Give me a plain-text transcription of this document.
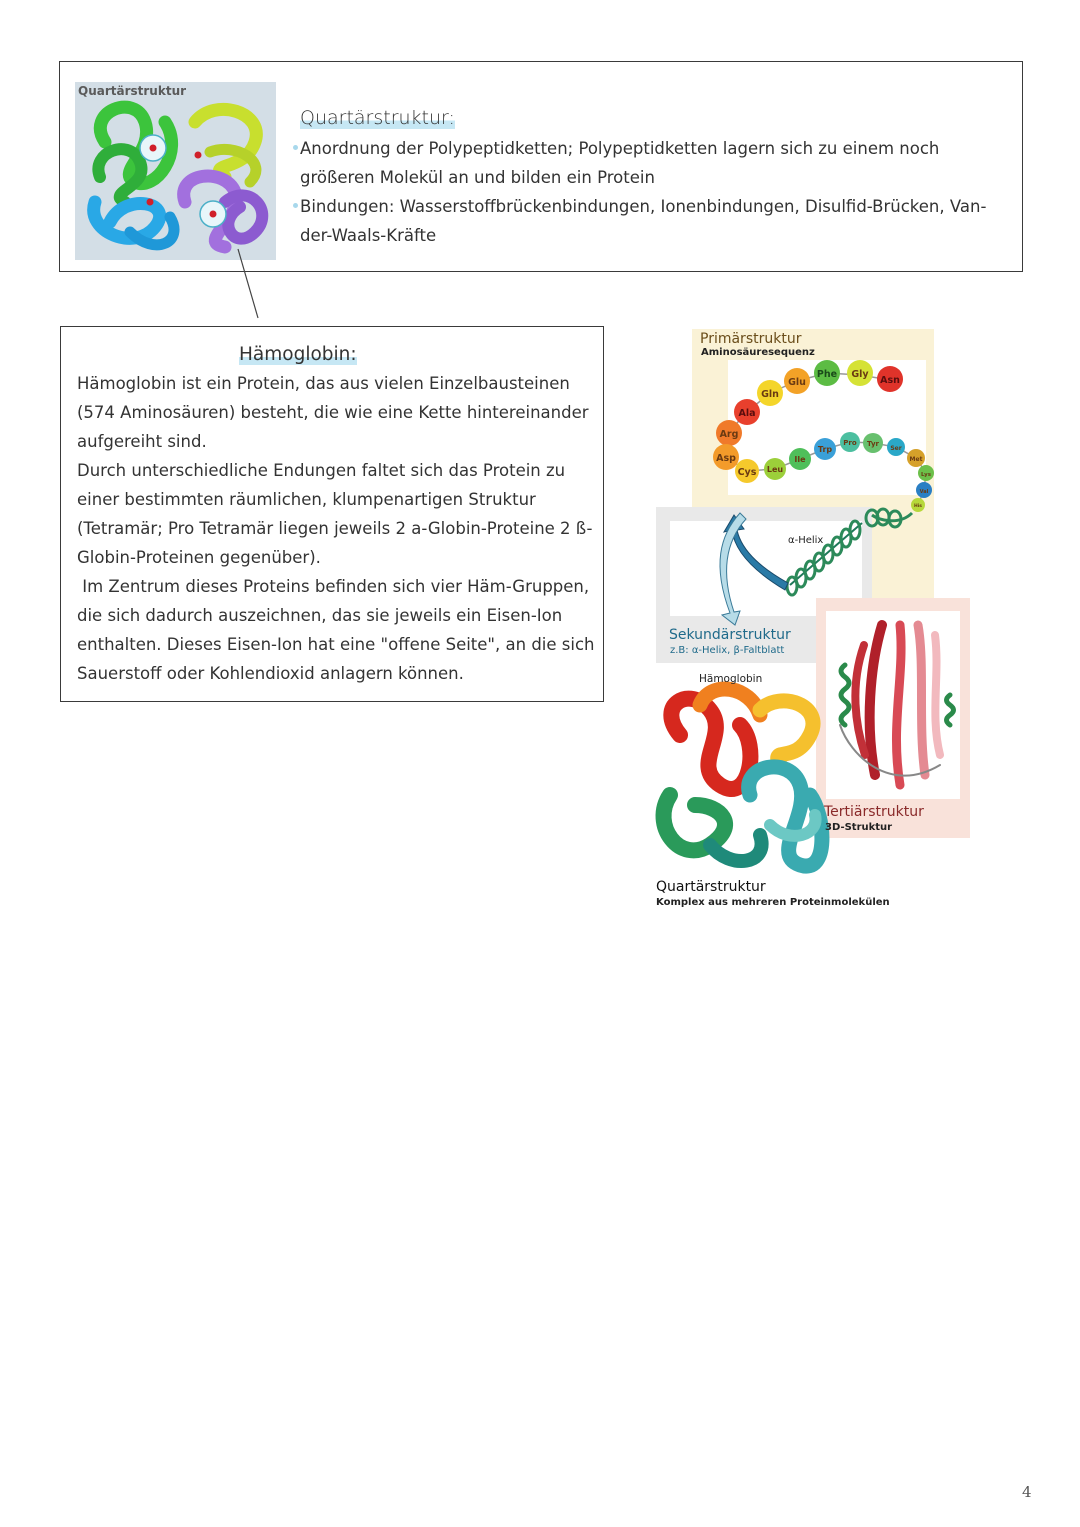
Quartärstruktur
Quartärstruktur:
Anordnung der Polypeptidketten; Polypeptidketten lagern sich zu einem noch größeren Molekül an und bilden ein Protein
Bindungen: Wasserstoffbrückenbindungen, Ionenbindungen, Disulfid-Brücken, Van-der-Waals-Kräfte
Hämoglobin:

Hämoglobin ist ein Protein, das aus vielen Einzelbausteinen (574 Aminosäuren) besteht, die wie eine Kette hintereinander aufgereiht sind.

Durch unterschiedliche Endungen faltet sich das Protein zu einer bestimmten räumlichen, klumpenartigen Struktur (Tetramär; Pro Tetramär liegen jeweils 2 a-Globin-Proteine 2 ß-Globin-Proteinen gegenüber).

Im Zentrum dieses Proteins befinden sich vier Häm-Gruppen, die sich dadurch auszeichnen, das sie jeweils ein Eisen-Ion enthalten. Dieses Eisen-Ion hat eine "offene Seite", an die sich Sauerstoff oder Kohlendioxid anlagern können.

Gln
Glu
Phe Gly
Asn
Ala
Arg
Asp
Cys Leu
Ile
Trp
Pro Tyr
Ser
Met
Lys
Val
His
α-Helix
Primärstruktur
Aminosäuresequenz
Sekundärstruktur
z.B: α-Helix, β-Faltblatt
Hämoglobin
Tertiärstruktur
3D-Struktur
Quartärstruktur
Komplex aus mehreren Proteinmolekülen
4
